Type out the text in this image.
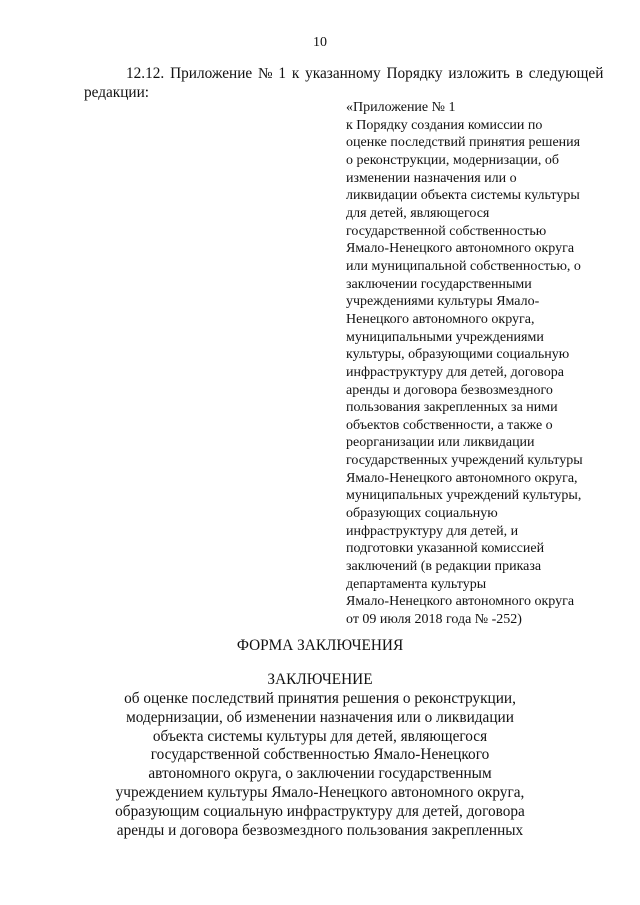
10
12.12. Приложение № 1 к указанному Порядку изложить в следующей
редакции:
«Приложение № 1
к Порядку создания комиссии по
оценке последствий принятия решения
о реконструкции, модернизации, об
изменении назначения или о
ликвидации объекта системы культуры
для детей, являющегося
государственной собственностью
Ямало-Ненецкого автономного округа
или муниципальной собственностью, о
заключении государственными
учреждениями культуры Ямало-
Ненецкого автономного округа,
муниципальными учреждениями
культуры, образующими социальную
инфраструктуру для детей, договора
аренды и договора безвозмездного
пользования закрепленных за ними
объектов собственности, а также о
реорганизации или ликвидации
государственных учреждений культуры
Ямало-Ненецкого автономного округа,
муниципальных учреждений культуры,
образующих социальную
инфраструктуру для детей, и
подготовки указанной комиссией
заключений (в редакции приказа
департамента культуры
Ямало-Ненецкого автономного округа
от 09 июля 2018 года № -252)
ФОРМА ЗАКЛЮЧЕНИЯ
ЗАКЛЮЧЕНИЕ
об оценке последствий принятия решения о реконструкции,
модернизации, об изменении назначения или о ликвидации
объекта системы культуры для детей, являющегося
государственной собственностью Ямало-Ненецкого
автономного округа, о заключении государственным
учреждением культуры Ямало-Ненецкого автономного округа,
образующим социальную инфраструктуру для детей, договора
аренды и договора безвозмездного пользования закрепленных
